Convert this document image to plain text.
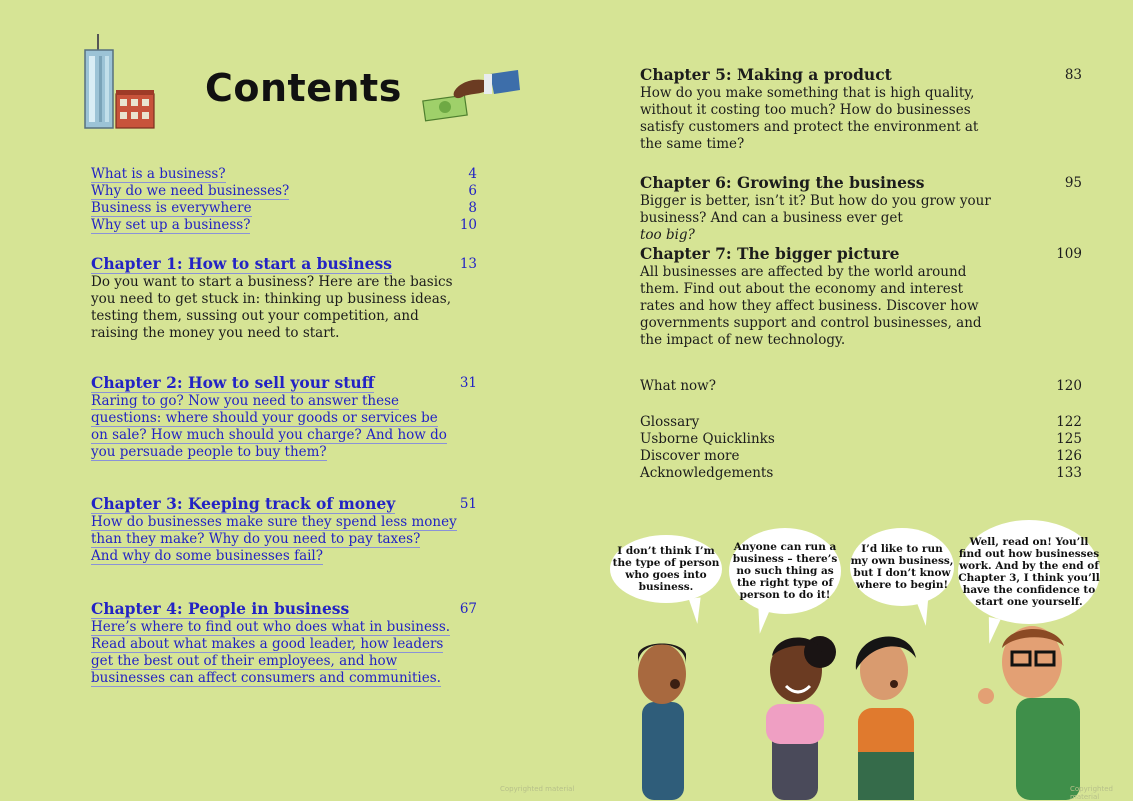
Contents
What is a business?	4
Why do we need businesses?	6
Business is everywhere	8
Why set up a business?	10
Chapter 1: How to start a business	13
Do you want to start a business? Here are the basics
you need to get stuck in: thinking up business ideas,
testing them, sussing out your competition, and
raising the money you need to start.
Chapter 2: How to sell your stuff	31
Raring to go? Now you need to answer these
questions: where should your goods or services be
on sale? How much should you charge? And how do
you persuade people to buy them?
Chapter 3: Keeping track of money	51
How do businesses make sure they spend less money
than they make? Why do you need to pay taxes?
And why do some businesses fail?
Chapter 4: People in business	67
Here’s where to find out who does what in business.
Read about what makes a good leader, how leaders
get the best out of their employees, and how
businesses can affect consumers and communities.
Chapter 5: Making a product	83
How do you make something that is high quality,
without it costing too much? How do businesses
satisfy customers and protect the environment at
the same time?
Chapter 6: Growing the business	95
Bigger is better, isn’t it? But how do you grow your
business? And can a business ever get
too big?
Chapter 7: The bigger picture	109
All businesses are affected by the world around
them. Find out about the economy and interest
rates and how they affect business. Discover how
governments support and control businesses, and
the impact of new technology.
What now?	120
Glossary	122
Usborne Quicklinks	125
Discover more	126
Acknowledgements	133
I don’t think I’m
the type of person
who goes into
business.
Anyone can run a
business – there’s
no such thing as
the right type of
person to do it!
I’d like to run
my own business,
but I don’t know
where to begin!
Well, read on! You’ll
find out how businesses
work. And by the end of
Chapter 3, I think you’ll
have the confidence to
start one yourself.
Copyrighted material	Copyrighted material
